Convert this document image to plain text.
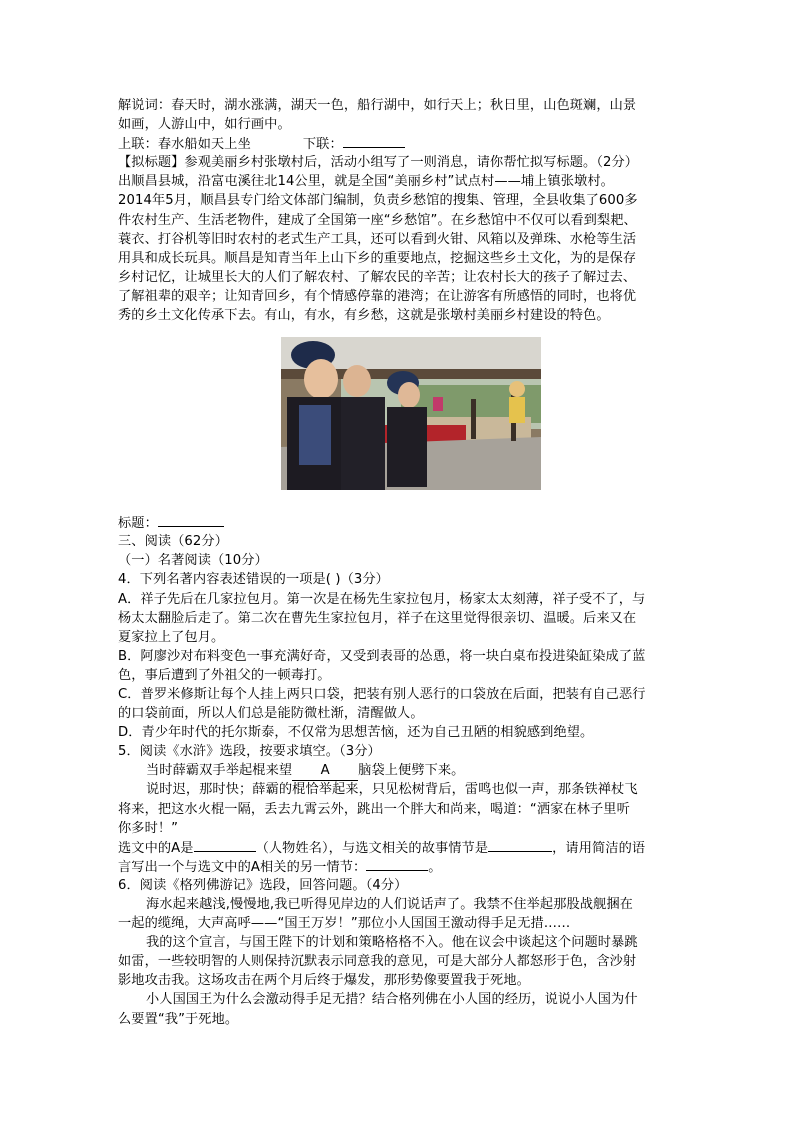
解说词：春天时，湖水涨满，湖天一色，船行湖中，如行天上；秋日里，山色斑斓，山景

如画，人游山中，如行画中。

上联：春水船如天上坐	下联：

【拟标题】参观美丽乡村张墩村后，活动小组写了一则消息，请你帮忙拟写标题。（2分）

出顺昌县城，沿富屯溪往北14公里，就是全国“美丽乡村”试点村——埔上镇张墩村。

2014年5月，顺昌县专门给文体部门编制，负责乡愁馆的搜集、管理，全县收集了600多

件农村生产、生活老物件，建成了全国第一座“乡愁馆”。在乡愁馆中不仅可以看到梨耙、

蓑衣、打谷机等旧时农村的老式生产工具，还可以看到火钳、风箱以及弹珠、水枪等生活

用具和成长玩具。顺昌是知青当年上山下乡的重要地点，挖掘这些乡土文化，为的是保存

乡村记忆，让城里长大的人们了解农村、了解农民的辛苦；让农村长大的孩子了解过去、

了解祖辈的艰辛；让知青回乡，有个情感停靠的港湾；在让游客有所感悟的同时，也将优

秀的乡土文化传承下去。有山，有水，有乡愁，这就是张墩村美丽乡村建设的特色。

标题：

三、阅读（62分）

（一）名著阅读（10分）

4．下列名著内容表述错误的一项是( )（3分）

A．祥子先后在几家拉包月。第一次是在杨先生家拉包月，杨家太太刻薄，祥子受不了，与

杨太太翻脸后走了。第二次在曹先生家拉包月，祥子在这里觉得很亲切、温暖。后来又在

夏家拉上了包月。

B．阿廖沙对布料变色一事充满好奇，又受到表哥的怂恿，将一块白桌布投进染缸染成了蓝

色，事后遭到了外祖父的一顿毒打。

C．普罗米修斯让每个人挂上两只口袋，把装有别人恶行的口袋放在后面，把装有自己恶行

的口袋前面，所以人们总是能防微杜渐，清醒做人。

D．青少年时代的托尔斯泰，不仅常为思想苦恼，还为自己丑陋的相貌感到绝望。

5．阅读《水浒》选段，按要求填空。（3分）

当时薛霸双手举起棍来望 A 脑袋上便劈下来。

说时迟，那时快；薛霸的棍恰举起来，只见松树背后，雷鸣也似一声，那条铁禅杖飞

将来，把这水火棍一隔，丢去九霄云外，跳出一个胖大和尚来，喝道：“洒家在林子里听

你多时！”

选文中的A是	（人物姓名），与选文相关的故事情节是	，请用简洁的语

言写出一个与选文中的A相关的另一情节：	。

6．阅读《格列佛游记》选段，回答问题。（4分）

海水起来越浅,慢慢地,我已听得见岸边的人们说话声了。我禁不住举起那股战舰捆在

一起的缆绳，大声高呼——“国王万岁！”那位小人国国王激动得手足无措……

我的这个宣言，与国王陛下的计划和策略格格不入。他在议会中谈起这个问题时暴跳

如雷，一些较明智的人则保持沉默表示同意我的意见，可是大部分人都怒形于色，含沙射

影地攻击我。这场攻击在两个月后终于爆发，那形势像要置我于死地。

小人国国王为什么会激动得手足无措？结合格列佛在小人国的经历，说说小人国为什

么要置“我”于死地。
